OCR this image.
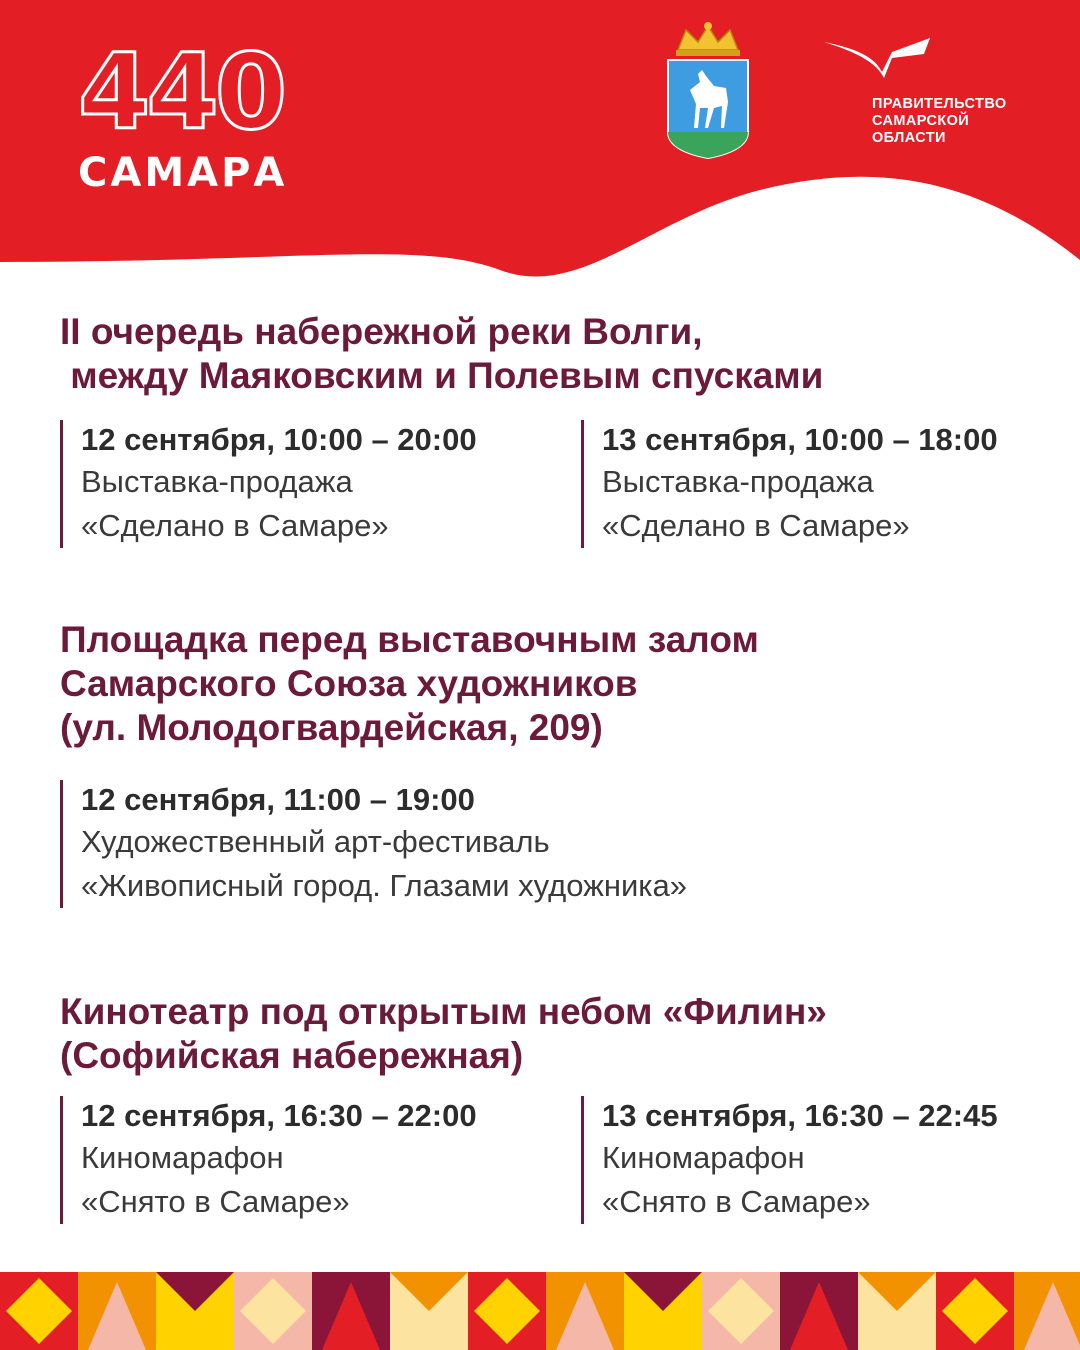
440
САМАРА
ПРАВИТЕЛЬСТВО
САМАРСКОЙ
ОБЛАСТИ
II очередь набережной реки Волги,
между Маяковским и Полевым спусками
12 сентября, 10:00 – 20:00
Выставка-продажа
«Сделано в Самаре»
13 сентября, 10:00 – 18:00
Выставка-продажа
«Сделано в Самаре»
Площадка перед выставочным залом
Самарского Союза художников
(ул. Молодогвардейская, 209)
12 сентября, 11:00 – 19:00
Художественный арт-фестиваль
«Живописный город. Глазами художника»
Кинотеатр под открытым небом «Филин»
(Софийская набережная)
12 сентября, 16:30 – 22:00
Киномарафон
«Снято в Самаре»
13 сентября, 16:30 – 22:45
Киномарафон
«Снято в Самаре»
